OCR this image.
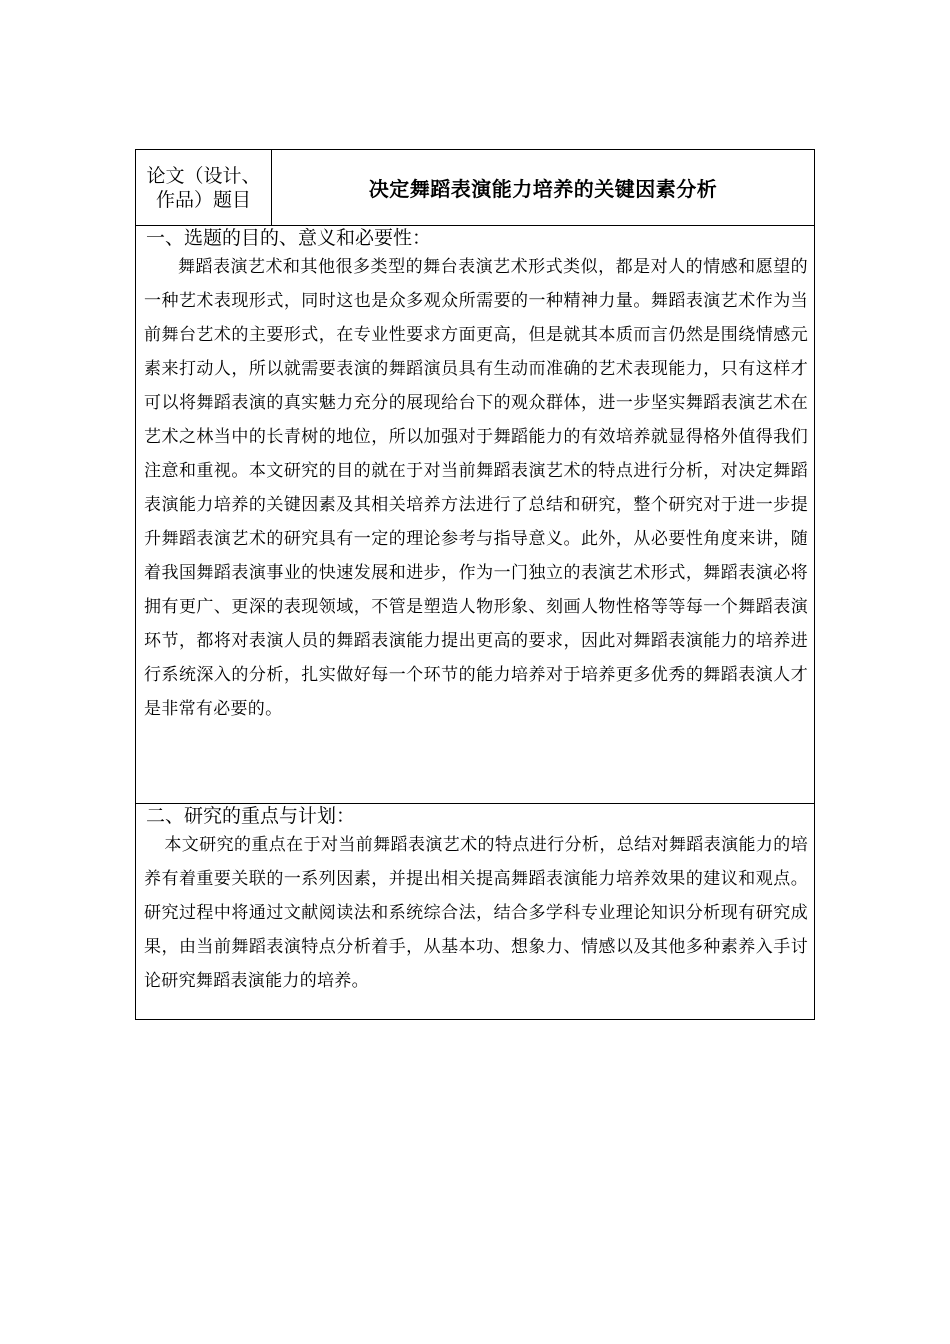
论文（设计、作品）题目	决定舞蹈表演能力培养的关键因素分析

一、选题的目的、意义和必要性：

舞蹈表演艺术和其他很多类型的舞台表演艺术形式类似，都是对人的情感和愿望的一种艺术表现形式，同时这也是众多观众所需要的一种精神力量。舞蹈表演艺术作为当前舞台艺术的主要形式，在专业性要求方面更高，但是就其本质而言仍然是围绕情感元素来打动人，所以就需要表演的舞蹈演员具有生动而准确的艺术表现能力，只有这样才可以将舞蹈表演的真实魅力充分的展现给台下的观众群体，进一步坚实舞蹈表演艺术在艺术之林当中的长青树的地位，所以加强对于舞蹈能力的有效培养就显得格外值得我们注意和重视。本文研究的目的就在于对当前舞蹈表演艺术的特点进行分析，对决定舞蹈表演能力培养的关键因素及其相关培养方法进行了总结和研究，整个研究对于进一步提升舞蹈表演艺术的研究具有一定的理论参考与指导意义。此外，从必要性角度来讲，随着我国舞蹈表演事业的快速发展和进步，作为一门独立的表演艺术形式，舞蹈表演必将拥有更广、更深的表现领域，不管是塑造人物形象、刻画人物性格等等每一个舞蹈表演环节，都将对表演人员的舞蹈表演能力提出更高的要求，因此对舞蹈表演能力的培养进行系统深入的分析，扎实做好每一个环节的能力培养对于培养更多优秀的舞蹈表演人才是非常有必要的。

二、研究的重点与计划：

本文研究的重点在于对当前舞蹈表演艺术的特点进行分析，总结对舞蹈表演能力的培养有着重要关联的一系列因素，并提出相关提高舞蹈表演能力培养效果的建议和观点。研究过程中将通过文献阅读法和系统综合法，结合多学科专业理论知识分析现有研究成果，由当前舞蹈表演特点分析着手，从基本功、想象力、情感以及其他多种素养入手讨论研究舞蹈表演能力的培养。
